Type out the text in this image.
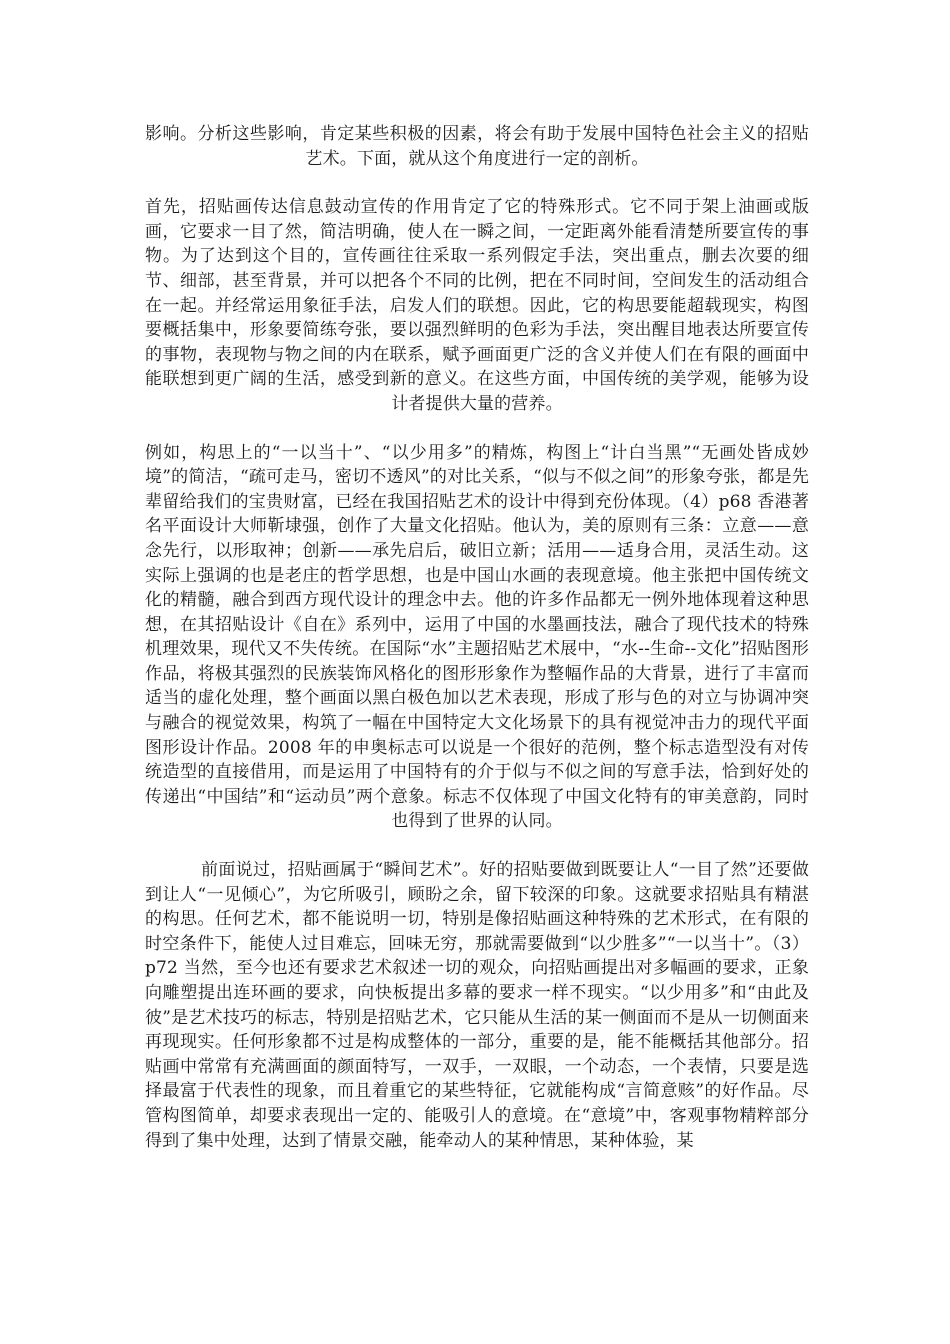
影响。分析这些影响，肯定某些积极的因素，将会有助于发展中国特色社会主义的招贴艺术。下面，就从这个角度进行一定的剖析。

首先，招贴画传达信息鼓动宣传的作用肯定了它的特殊形式。它不同于架上油画或版画，它要求一目了然，简洁明确，使人在一瞬之间，一定距离外能看清楚所要宣传的事物。为了达到这个目的，宣传画往往采取一系列假定手法，突出重点，删去次要的细节、细部，甚至背景，并可以把各个不同的比例，把在不同时间，空间发生的活动组合在一起。并经常运用象征手法，启发人们的联想。因此，它的构思要能超载现实，构图要概括集中，形象要简练夸张，要以强烈鲜明的色彩为手法，突出醒目地表达所要宣传的事物，表现物与物之间的内在联系，赋予画面更广泛的含义并使人们在有限的画面中能联想到更广阔的生活，感受到新的意义。在这些方面，中国传统的美学观，能够为设计者提供大量的营养。

例如，构思上的“一以当十”、“以少用多”的精炼，构图上“计白当黑”“无画处皆成妙境”的简洁，“疏可走马，密切不透风”的对比关系，“似与不似之间”的形象夸张，都是先辈留给我们的宝贵财富，已经在我国招贴艺术的设计中得到充份体现。（4）p68 香港著名平面设计大师靳埭强，创作了大量文化招贴。他认为，美的原则有三条：立意——意念先行，以形取神；创新——承先启后，破旧立新；活用——适身合用，灵活生动。这实际上强调的也是老庄的哲学思想，也是中国山水画的表现意境。他主张把中国传统文化的精髓，融合到西方现代设计的理念中去。他的许多作品都无一例外地体现着这种思想，在其招贴设计《自在》系列中，运用了中国的水墨画技法，融合了现代技术的特殊机理效果，现代又不失传统。在国际“水”主题招贴艺术展中，“水--生命--文化”招贴图形作品，将极其强烈的民族装饰风格化的图形形象作为整幅作品的大背景，进行了丰富而适当的虚化处理，整个画面以黑白极色加以艺术表现，形成了形与色的对立与协调冲突与融合的视觉效果，构筑了一幅在中国特定大文化场景下的具有视觉冲击力的现代平面图形设计作品。2008 年的申奥标志可以说是一个很好的范例，整个标志造型没有对传统造型的直接借用，而是运用了中国特有的介于似与不似之间的写意手法，恰到好处的传递出“中国结”和“运动员”两个意象。标志不仅体现了中国文化特有的审美意韵，同时也得到了世界的认同。

前面说过，招贴画属于“瞬间艺术”。好的招贴要做到既要让人“一目了然”还要做到让人“一见倾心”，为它所吸引，顾盼之余，留下较深的印象。这就要求招贴具有精湛的构思。任何艺术，都不能说明一切，特别是像招贴画这种特殊的艺术形式，在有限的时空条件下，能使人过目难忘，回味无穷，那就需要做到“以少胜多”“一以当十”。（3） p72 当然，至今也还有要求艺术叙述一切的观众，向招贴画提出对多幅画的要求，正象向雕塑提出连环画的要求，向快板提出多幕的要求一样不现实。“以少用多”和“由此及彼”是艺术技巧的标志，特别是招贴艺术，它只能从生活的某一侧面而不是从一切侧面来再现现实。任何形象都不过是构成整体的一部分，重要的是，能不能概括其他部分。招贴画中常常有充满画面的颜面特写，一双手，一双眼，一个动态，一个表情，只要是选择最富于代表性的现象，而且着重它的某些特征，它就能构成“言简意赅”的好作品。尽管构图简单，却要求表现出一定的、能吸引人的意境。在“意境”中，客观事物精粹部分得到了集中处理，达到了情景交融，能牵动人的某种情思，某种体验，某
